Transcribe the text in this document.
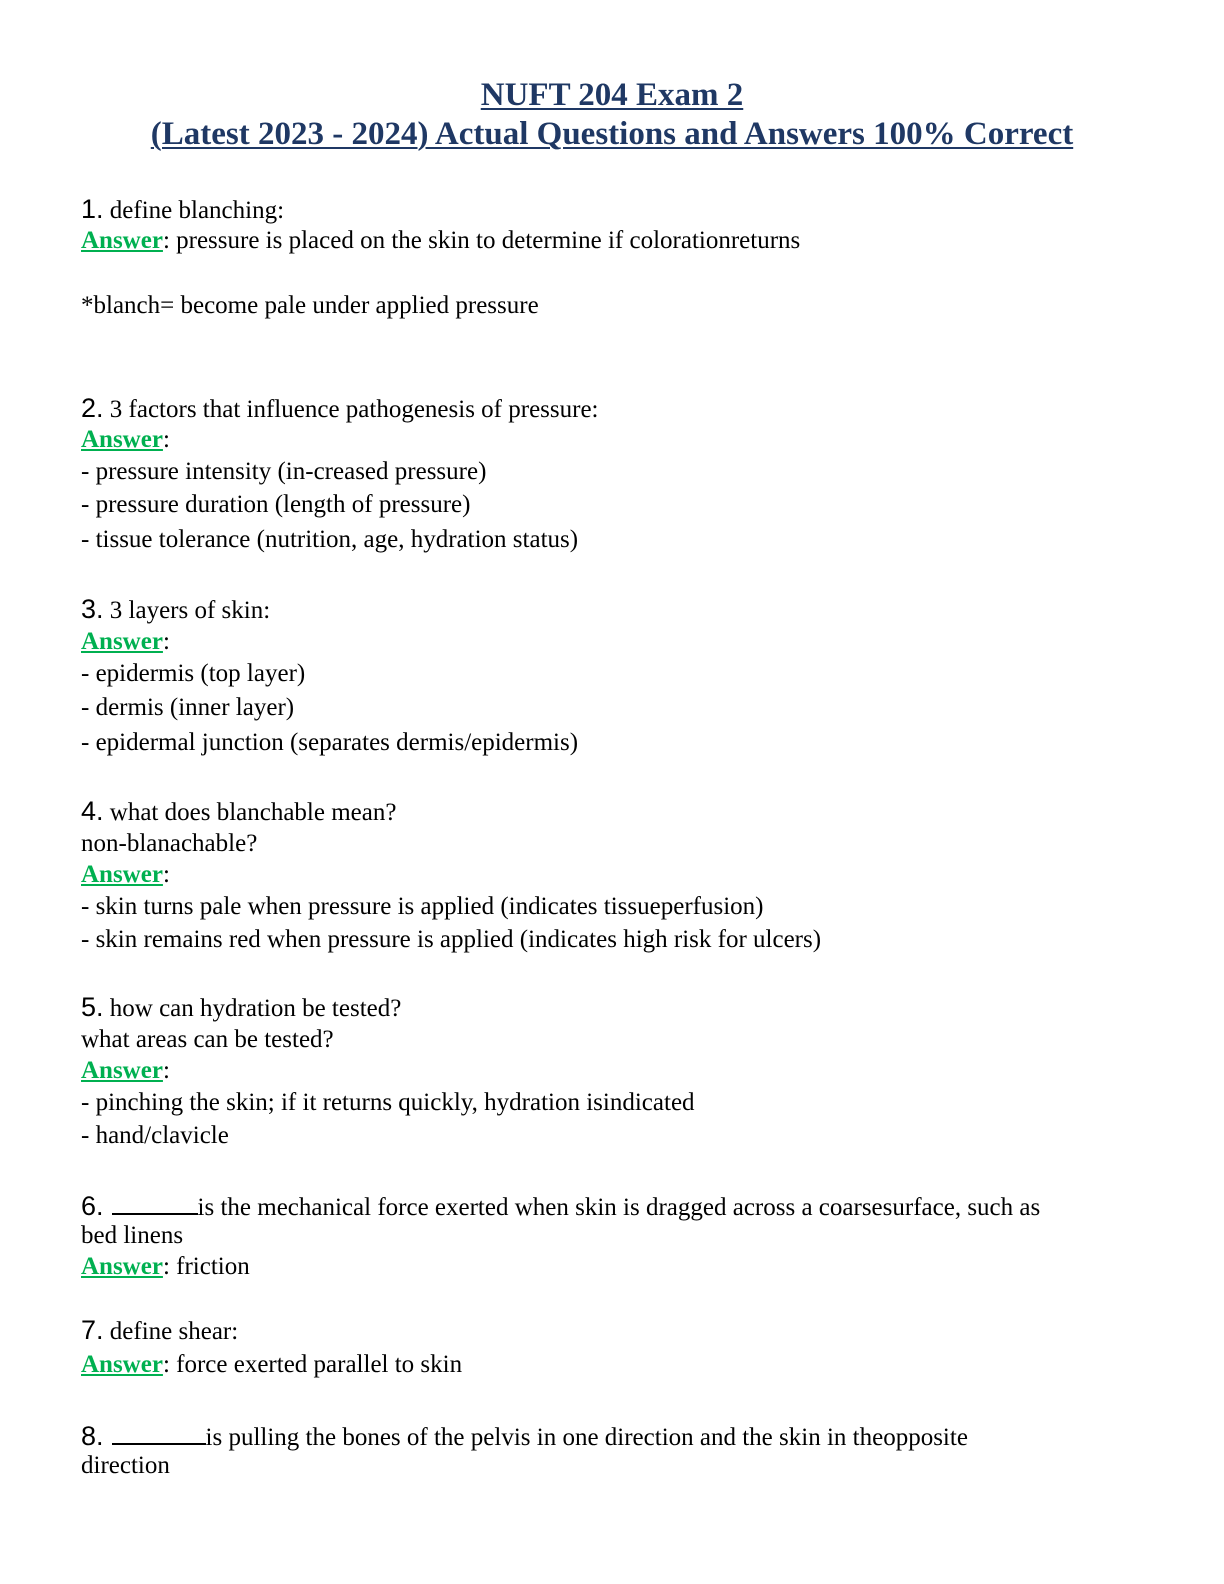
NUFT 204 Exam 2
(Latest 2023 - 2024) Actual Questions and Answers 100% Correct
1. define blanching:
Answer: pressure is placed on the skin to determine if colorationreturns
*blanch= become pale under applied pressure
2. 3 factors that influence pathogenesis of pressure:
Answer:
- pressure intensity (in-creased pressure)
- pressure duration (length of pressure)
- tissue tolerance (nutrition, age, hydration status)
3. 3 layers of skin:
Answer:
- epidermis (top layer)
- dermis (inner layer)
- epidermal junction (separates dermis/epidermis)
4. what does blanchable mean?
non-blanachable?
Answer:
- skin turns pale when pressure is applied (indicates tissueperfusion)
- skin remains red when pressure is applied (indicates high risk for ulcers)
5. how can hydration be tested?
what areas can be tested?
Answer:
- pinching the skin; if it returns quickly, hydration isindicated
- hand/clavicle
6.	is the mechanical force exerted when skin is dragged across a coarsesurface, such as
bed linens
Answer: friction
7. define shear:
Answer: force exerted parallel to skin
8.	is pulling the bones of the pelvis in one direction and the skin in theopposite
direction
